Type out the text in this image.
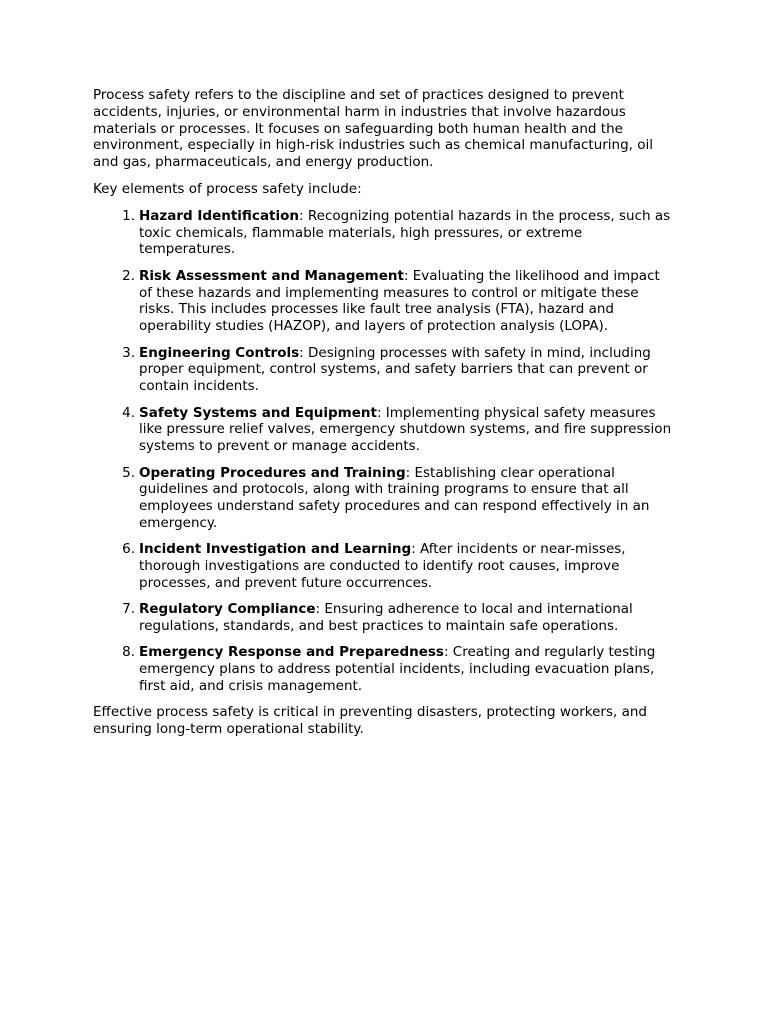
Process safety refers to the discipline and set of practices designed to prevent accidents, injuries, or environmental harm in industries that involve hazardous materials or processes. It focuses on safeguarding both human health and the environment, especially in high-risk industries such as chemical manufacturing, oil and gas, pharmaceuticals, and energy production.

Key elements of process safety include:

1. Hazard Identification: Recognizing potential hazards in the process, such as toxic chemicals, flammable materials, high pressures, or extreme temperatures.
2. Risk Assessment and Management: Evaluating the likelihood and impact of these hazards and implementing measures to control or mitigate these risks. This includes processes like fault tree analysis (FTA), hazard and operability studies (HAZOP), and layers of protection analysis (LOPA).
3. Engineering Controls: Designing processes with safety in mind, including proper equipment, control systems, and safety barriers that can prevent or contain incidents.
4. Safety Systems and Equipment: Implementing physical safety measures like pressure relief valves, emergency shutdown systems, and fire suppression systems to prevent or manage accidents.
5. Operating Procedures and Training: Establishing clear operational guidelines and protocols, along with training programs to ensure that all employees understand safety procedures and can respond effectively in an emergency.
6. Incident Investigation and Learning: After incidents or near-misses, thorough investigations are conducted to identify root causes, improve processes, and prevent future occurrences.
7. Regulatory Compliance: Ensuring adherence to local and international regulations, standards, and best practices to maintain safe operations.
8. Emergency Response and Preparedness: Creating and regularly testing emergency plans to address potential incidents, including evacuation plans, first aid, and crisis management.

Effective process safety is critical in preventing disasters, protecting workers, and ensuring long-term operational stability.
